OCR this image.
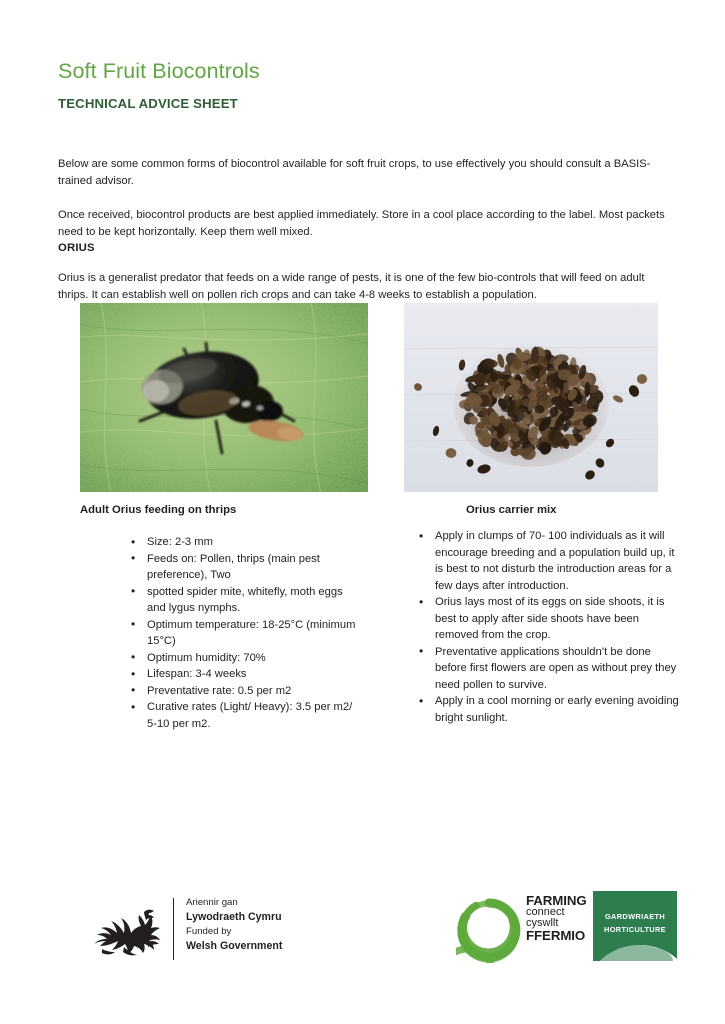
Soft Fruit Biocontrols
TECHNICAL ADVICE SHEET

Below are some common forms of biocontrol available for soft fruit crops, to use effectively you should consult a BASIS-trained advisor.

Once received, biocontrol products are best applied immediately. Store in a cool place according to the label. Most packets need to be kept horizontally. Keep them well mixed.

ORIUS

Orius is a generalist predator that feeds on a wide range of pests, it is one of the few bio-controls that will feed on adult thrips. It can establish well on pollen rich crops and can take 4-8 weeks to establish a population.

Adult Orius feeding on thrips	Orius carrier mix
• Size: 2-3 mm
• Feeds on: Pollen, thrips (main pest preference), Two
• spotted spider mite, whitefly, moth eggs and lygus nymphs.
• Optimum temperature: 18-25°C (minimum 15°C)
• Optimum humidity: 70%
• Lifespan: 3-4 weeks
• Preventative rate: 0.5 per m2
• Curative rates (Light/ Heavy): 3.5 per m2/ 5-10 per m2.
• Apply in clumps of 70- 100 individuals as it will encourage breeding and a population build up, it is best to not disturb the introduction areas for a few days after introduction.
• Orius lays most of its eggs on side shoots, it is best to apply after side shoots have been removed from the crop.
• Preventative applications shouldn’t be done before first flowers are open as without prey they need pollen to survive.
• Apply in a cool morning or early evening avoiding bright sunlight.
Ariennir gan
Lywodraeth Cymru
Funded by
Welsh Government
FARMING
connect
cyswllt
FFERMIO
GARDWRIAETH
HORTICULTURE
